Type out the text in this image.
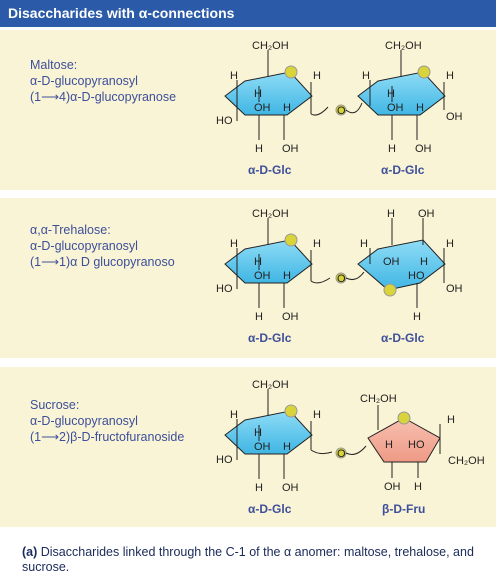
Disaccharides with α-connections
Maltose:
α-D-glucopyranosyl
(1⟶4)α-D-glucopyranose
α,α-Trehalose:
α-D-glucopyranosyl
(1⟶1)α D glucopyranoso
Sucrose:
α-D-glucopyranosyl
(1⟶2)β-D-fructofuranoside
CH₂OH
H	H
H
OH H
HO
H OH
O
CH₂OH
H	H
H
OH H
OH
H OH
α-D-Glc	α-D-Glc
CH₂OH
H	H
H
OH H
HO
H OH
O
H OH
H	H
OH H
HO
OH
H
α-D-Glc	α-D-Glc
CH₂OH
H	H
H
OH H
HO
H OH
O
CH₂OH
H
H HO
CH₂OH
OH H
α-D-Glc	β-D-Fru
(a) Disaccharides linked through the C-1 of the α anomer: maltose, trehalose, and sucrose.
